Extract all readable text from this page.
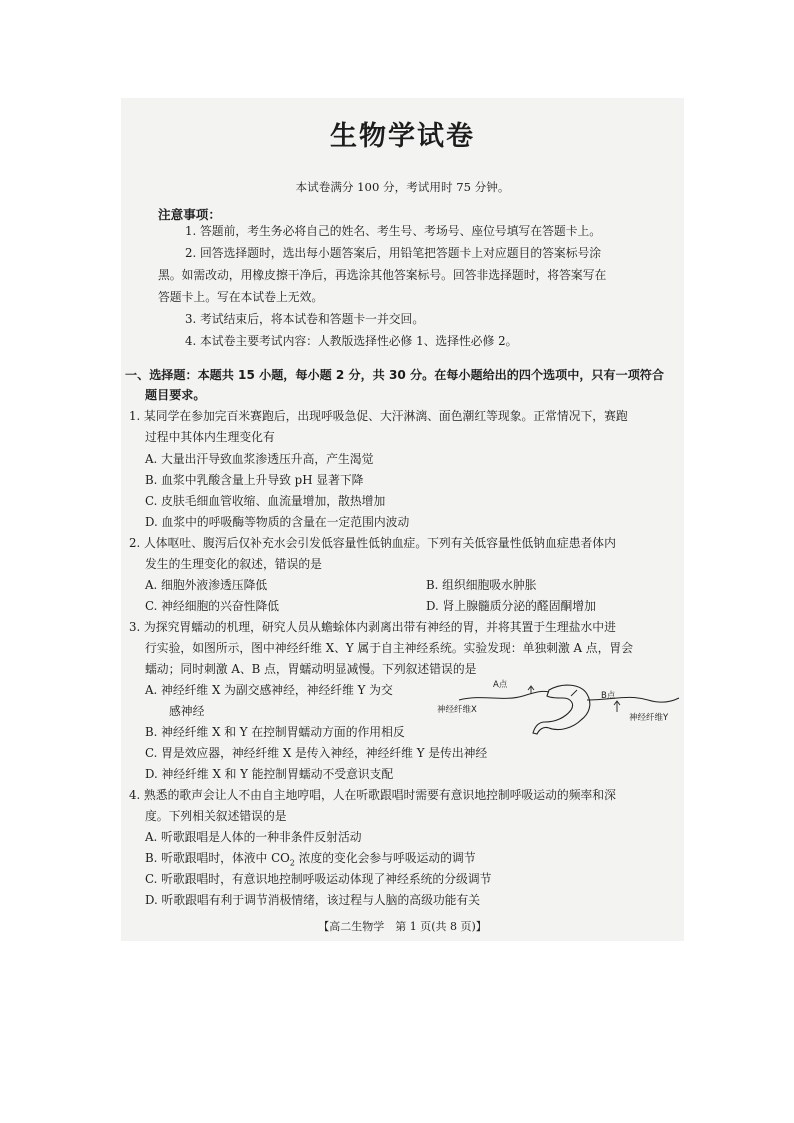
生物学试卷
本试卷满分 100 分，考试用时 75 分钟。
注意事项：
1. 答题前，考生务必将自己的姓名、考生号、考场号、座位号填写在答题卡上。
2. 回答选择题时，选出每小题答案后，用铅笔把答题卡上对应题目的答案标号涂
黑。如需改动，用橡皮擦干净后，再选涂其他答案标号。回答非选择题时，将答案写在
答题卡上。写在本试卷上无效。
3. 考试结束后，将本试卷和答题卡一并交回。
4. 本试卷主要考试内容：人教版选择性必修 1、选择性必修 2。
一、选择题：本题共 15 小题，每小题 2 分，共 30 分。在每小题给出的四个选项中，只有一项符合
题目要求。
1. 某同学在参加完百米赛跑后，出现呼吸急促、大汗淋漓、面色潮红等现象。正常情况下，赛跑
过程中其体内生理变化有
A. 大量出汗导致血浆渗透压升高，产生渴觉
B. 血浆中乳酸含量上升导致 pH 显著下降
C. 皮肤毛细血管收缩、血流量增加，散热增加
D. 血浆中的呼吸酶等物质的含量在一定范围内波动
2. 人体呕吐、腹泻后仅补充水会引发低容量性低钠血症。下列有关低容量性低钠血症患者体内
发生的生理变化的叙述，错误的是
A. 细胞外液渗透压降低	B. 组织细胞吸水肿胀
C. 神经细胞的兴奋性降低	D. 肾上腺髓质分泌的醛固酮增加
3. 为探究胃蠕动的机理，研究人员从蟾蜍体内剥离出带有神经的胃，并将其置于生理盐水中进
行实验，如图所示，图中神经纤维 X、Y 属于自主神经系统。实验发现：单独刺激 A 点，胃会
蠕动；同时刺激 A、B 点，胃蠕动明显减慢。下列叙述错误的是
A. 神经纤维 X 为副交感神经，神经纤维 Y 为交
感神经
B. 神经纤维 X 和 Y 在控制胃蠕动方面的作用相反
C. 胃是效应器，神经纤维 X 是传入神经，神经纤维 Y 是传出神经
D. 神经纤维 X 和 Y 能控制胃蠕动不受意识支配
A点
B点
神经纤维X
神经纤维Y
4. 熟悉的歌声会让人不由自主地哼唱，人在听歌跟唱时需要有意识地控制呼吸运动的频率和深
度。下列相关叙述错误的是
A. 听歌跟唱是人体的一种非条件反射活动
B. 听歌跟唱时，体液中 $CO_2$ 浓度的变化会参与呼吸运动的调节
C. 听歌跟唱时，有意识地控制呼吸运动体现了神经系统的分级调节
D. 听歌跟唱有利于调节消极情绪，该过程与人脑的高级功能有关
【高二生物学　第 1 页(共 8 页)】
